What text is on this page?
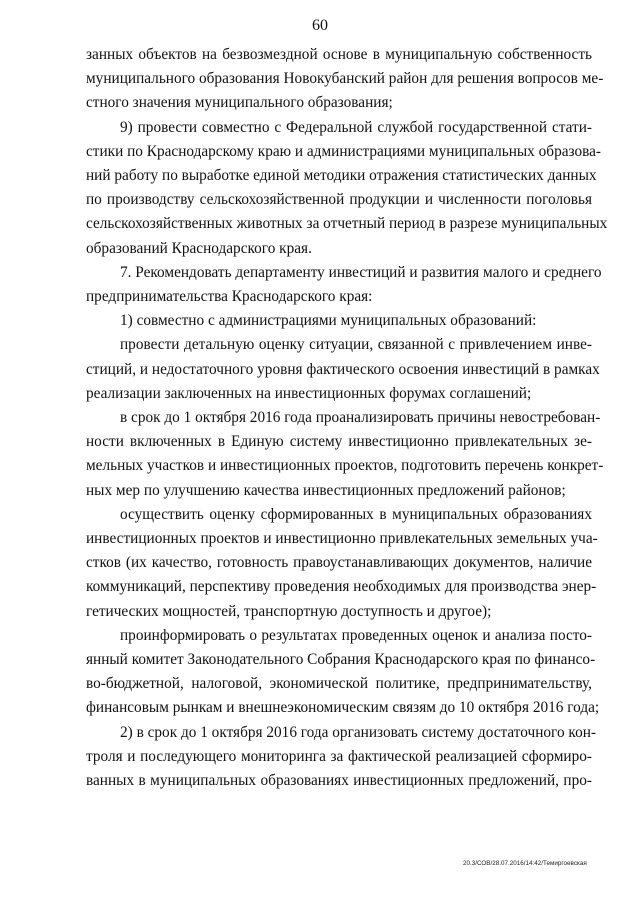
60
занных объектов на безвозмездной основе в муниципальную собственность
муниципального образования Новокубанский район для решения вопросов ме-
стного значения муниципального образования;
9) провести совместно с Федеральной службой государственной стати-
стики по Краснодарскому краю и администрациями муниципальных образова-
ний работу по выработке единой методики отражения статистических данных
по производству сельскохозяйственной продукции и численности поголовья
сельскохозяйственных животных за отчетный период в разрезе муниципальных
образований Краснодарского края.
7. Рекомендовать департаменту инвестиций и развития малого и среднего
предпринимательства Краснодарского края:
1) совместно с администрациями муниципальных образований:
провести детальную оценку ситуации, связанной с привлечением инве-
стиций, и недостаточного уровня фактического освоения инвестиций в рамках
реализации заключенных на инвестиционных форумах соглашений;
в срок до 1 октября 2016 года проанализировать причины невостребован-
ности включенных в Единую систему инвестиционно привлекательных зе-
мельных участков и инвестиционных проектов, подготовить перечень конкрет-
ных мер по улучшению качества инвестиционных предложений районов;
осуществить оценку сформированных в муниципальных образованиях
инвестиционных проектов и инвестиционно привлекательных земельных уча-
стков (их качество, готовность правоустанавливающих документов, наличие
коммуникаций, перспективу проведения необходимых для производства энер-
гетических мощностей, транспортную доступность и другое);
проинформировать о результатах проведенных оценок и анализа посто-
янный комитет Законодательного Собрания Краснодарского края по финансо-
во-бюджетной, налоговой, экономической политике, предпринимательству,
финансовым рынкам и внешнеэкономическим связям до 10 октября 2016 года;
2) в срок до 1 октября 2016 года организовать систему достаточного кон-
троля и последующего мониторинга за фактической реализацией сформиро-
ванных в муниципальных образованиях инвестиционных предложений, про-
20.3/СОВ/28.07.2016/14:42/Темиргоевская
